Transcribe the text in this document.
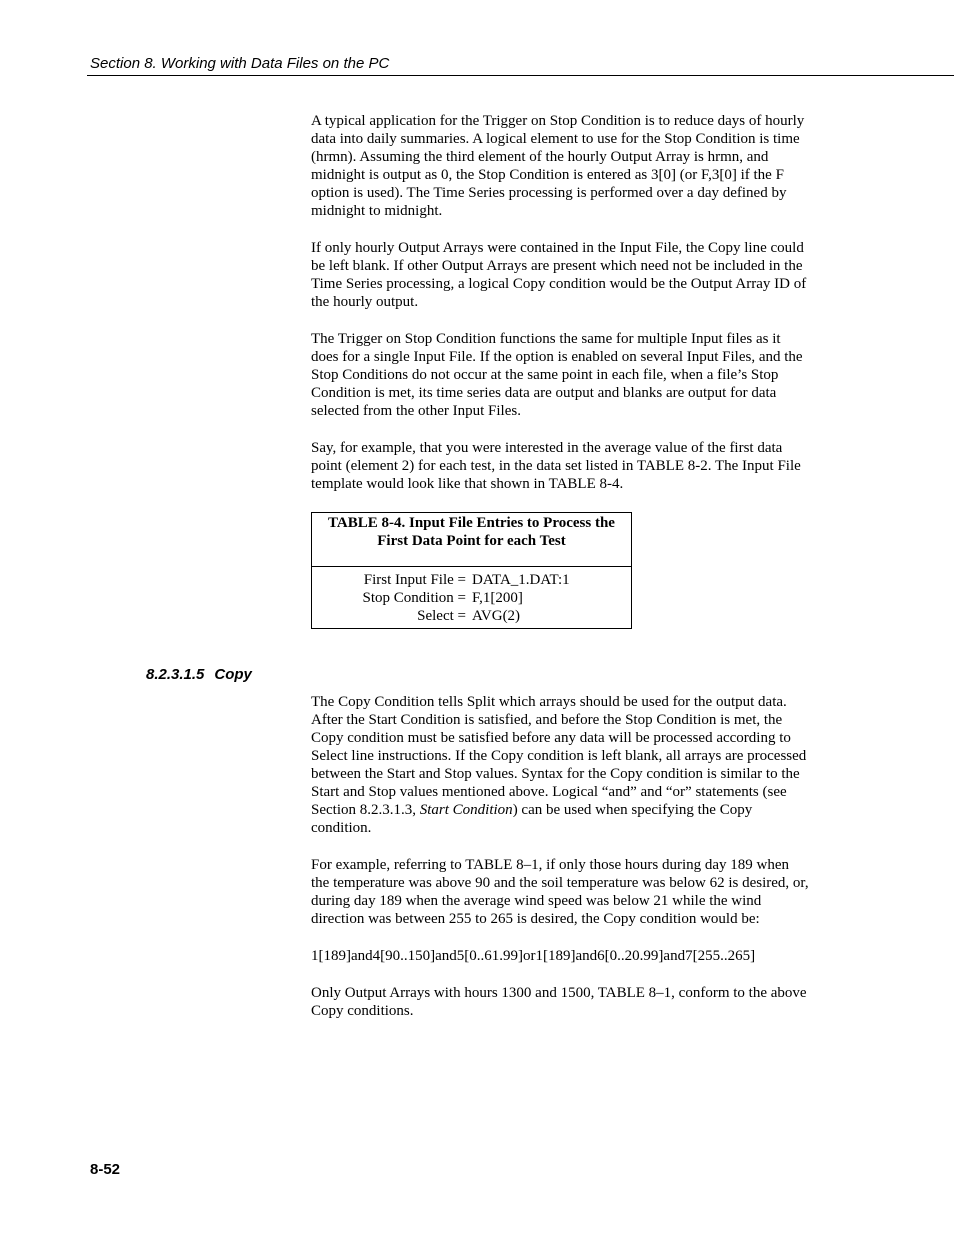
Section 8. Working with Data Files on the PC

A typical application for the Trigger on Stop Condition is to reduce days of hourly data into daily summaries. A logical element to use for the Stop Condition is time (hrmn). Assuming the third element of the hourly Output Array is hrmn, and midnight is output as 0, the Stop Condition is entered as 3[0] (or F,3[0] if the F option is used). The Time Series processing is performed over a day defined by midnight to midnight.

If only hourly Output Arrays were contained in the Input File, the Copy line could be left blank. If other Output Arrays are present which need not be included in the Time Series processing, a logical Copy condition would be the Output Array ID of the hourly output.

The Trigger on Stop Condition functions the same for multiple Input files as it does for a single Input File. If the option is enabled on several Input Files, and the Stop Conditions do not occur at the same point in each file, when a file’s Stop Condition is met, its time series data are output and blanks are output for data selected from the other Input Files.

Say, for example, that you were interested in the average value of the first data point (element 2) for each test, in the data set listed in TABLE 8-2. The Input File template would look like that shown in TABLE 8-4.

TABLE 8-4. Input File Entries to Process the
First Data Point for each Test
First Input File = DATA_1.DAT:1
Stop Condition = F,1[200]
Select = AVG(2)
8.2.3.1.5 Copy

The Copy Condition tells Split which arrays should be used for the output data. After the Start Condition is satisfied, and before the Stop Condition is met, the Copy condition must be satisfied before any data will be processed according to Select line instructions. If the Copy condition is left blank, all arrays are processed between the Start and Stop values. Syntax for the Copy condition is similar to the Start and Stop values mentioned above. Logical “and” and “or” statements (see Section 8.2.3.1.3, Start Condition) can be used when specifying the Copy condition.

For example, referring to TABLE 8–1, if only those hours during day 189 when the temperature was above 90 and the soil temperature was below 62 is desired, or, during day 189 when the average wind speed was below 21 while the wind direction was between 255 to 265 is desired, the Copy condition would be:

1[189]and4[90..150]and5[0..61.99]or1[189]and6[0..20.99]and7[255..265]

Only Output Arrays with hours 1300 and 1500, TABLE 8–1, conform to the above Copy conditions.

8-52
